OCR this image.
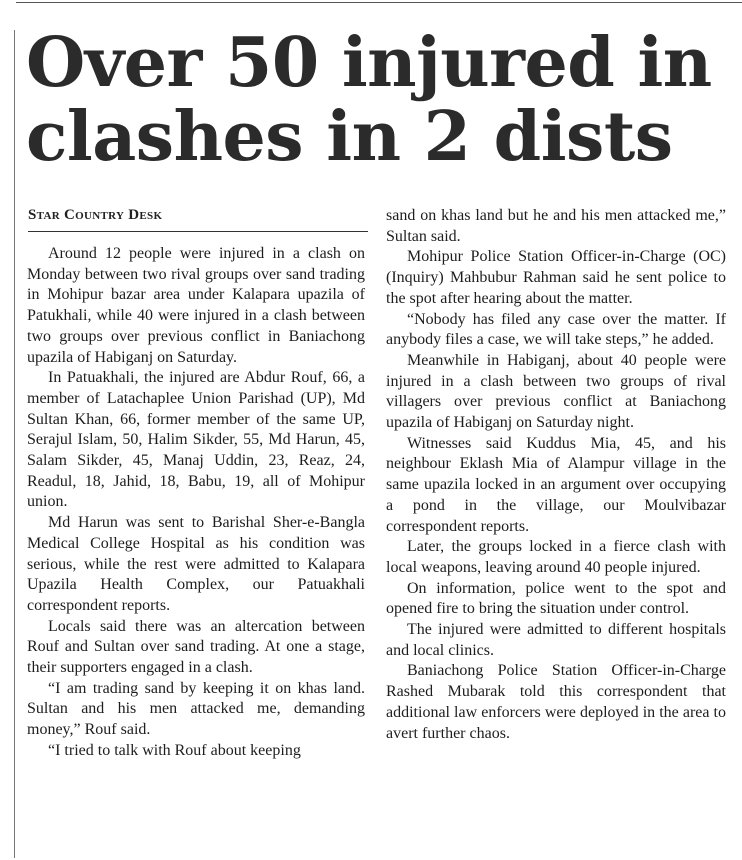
Over 50 injured in clashes in 2 dists
Star Country Desk

Around 12 people were injured in a clash on Monday between two rival groups over sand trading in Mohipur bazar area under Kalapara upazila of Patukhali, while 40 were injured in a clash between two groups over previous conflict in Baniachong upazila of Habiganj on Saturday.

In Patuakhali, the injured are Abdur Rouf, 66, a member of Latachaplee Union Parishad (UP), Md Sultan Khan, 66, former member of the same UP, Serajul Islam, 50, Halim Sikder, 55, Md Harun, 45, Salam Sikder, 45, Manaj Uddin, 23, Reaz, 24, Readul, 18, Jahid, 18, Babu, 19, all of Mohipur union.

Md Harun was sent to Barishal Sher-e-Bangla Medical College Hospital as his condition was serious, while the rest were admitted to Kalapara Upazila Health Complex, our Patuakhali correspondent reports.

Locals said there was an altercation between Rouf and Sultan over sand trading. At one a stage, their supporters engaged in a clash.

“I am trading sand by keeping it on khas land. Sultan and his men attacked me, demanding money,” Rouf said.

“I tried to talk with Rouf about keeping

sand on khas land but he and his men attacked me,” Sultan said.

Mohipur Police Station Officer-in-Charge (OC) (Inquiry) Mahbubur Rahman said he sent police to the spot after hearing about the matter.

“Nobody has filed any case over the matter. If anybody files a case, we will take steps,” he added.

Meanwhile in Habiganj, about 40 people were injured in a clash between two groups of rival villagers over previous conflict at Baniachong upazila of Habiganj on Saturday night.

Witnesses said Kuddus Mia, 45, and his neighbour Eklash Mia of Alampur village in the same upazila locked in an argument over occupying a pond in the village, our Moulvibazar correspondent reports.

Later, the groups locked in a fierce clash with local weapons, leaving around 40 people injured.

On information, police went to the spot and opened fire to bring the situation under control.

The injured were admitted to different hospitals and local clinics.

Baniachong Police Station Officer-in-Charge Rashed Mubarak told this correspondent that additional law enforcers were deployed in the area to avert further chaos.
